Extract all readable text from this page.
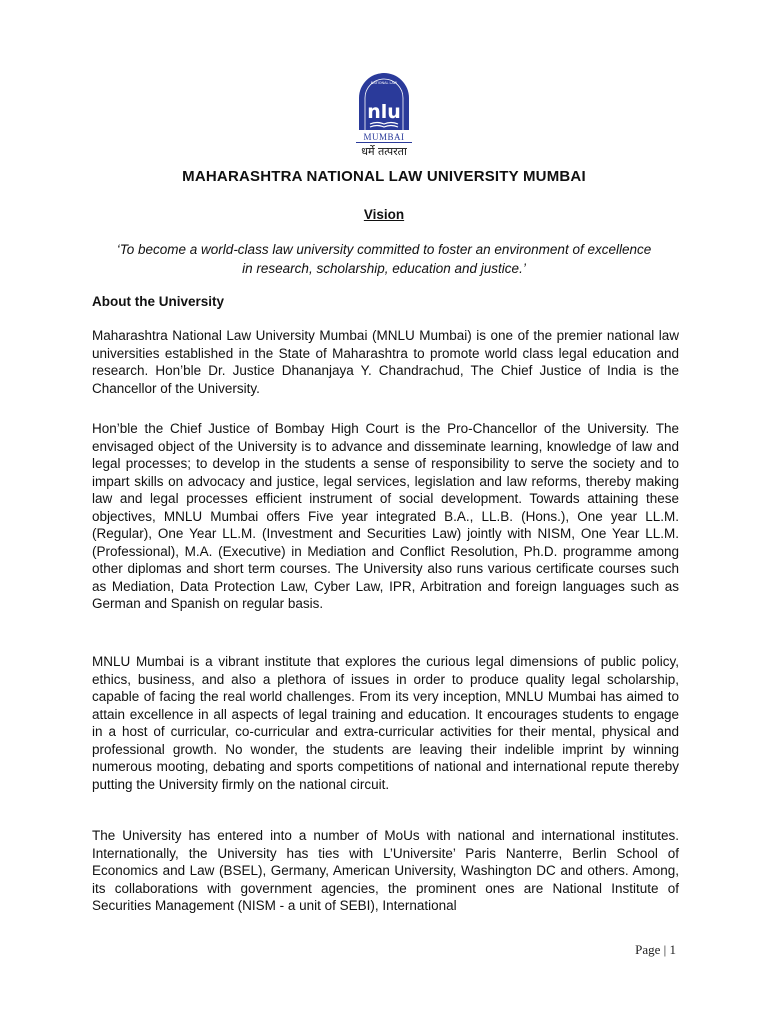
nlu
NATIONAL LAW
MUMBAI
धर्मे तत्परता
MAHARASHTRA NATIONAL LAW UNIVERSITY MUMBAI
Vision
‘To become a world-class law university committed to foster an environment of excellence in research, scholarship, education and justice.’
About the University
Maharashtra National Law University Mumbai (MNLU Mumbai) is one of the premier national law universities established in the State of Maharashtra to promote world class legal education and research. Hon’ble Dr. Justice Dhananjaya Y. Chandrachud, The Chief Justice of India is the Chancellor of the University.
Hon’ble the Chief Justice of Bombay High Court is the Pro-Chancellor of the University. The envisaged object of the University is to advance and disseminate learning, knowledge of law and legal processes; to develop in the students a sense of responsibility to serve the society and to impart skills on advocacy and justice, legal services, legislation and law reforms, thereby making law and legal processes efficient instrument of social development. Towards attaining these objectives, MNLU Mumbai offers Five year integrated B.A., LL.B. (Hons.), One year LL.M. (Regular), One Year LL.M. (Investment and Securities Law) jointly with NISM, One Year LL.M. (Professional), M.A. (Executive) in Mediation and Conflict Resolution, Ph.D. programme among other diplomas and short term courses. The University also runs various certificate courses such as Mediation, Data Protection Law, Cyber Law, IPR, Arbitration and foreign languages such as German and Spanish on regular basis.
MNLU Mumbai is a vibrant institute that explores the curious legal dimensions of public policy, ethics, business, and also a plethora of issues in order to produce quality legal scholarship, capable of facing the real world challenges. From its very inception, MNLU Mumbai has aimed to attain excellence in all aspects of legal training and education. It encourages students to engage in a host of curricular, co-curricular and extra-curricular activities for their mental, physical and professional growth. No wonder, the students are leaving their indelible imprint by winning numerous mooting, debating and sports competitions of national and international repute thereby putting the University firmly on the national circuit.
The University has entered into a number of MoUs with national and international institutes. Internationally, the University has ties with L’Universite’ Paris Nanterre, Berlin School of Economics and Law (BSEL), Germany, American University, Washington DC and others. Among, its collaborations with government agencies, the prominent ones are National Institute of Securities Management (NISM - a unit of SEBI), International
Page | 1
